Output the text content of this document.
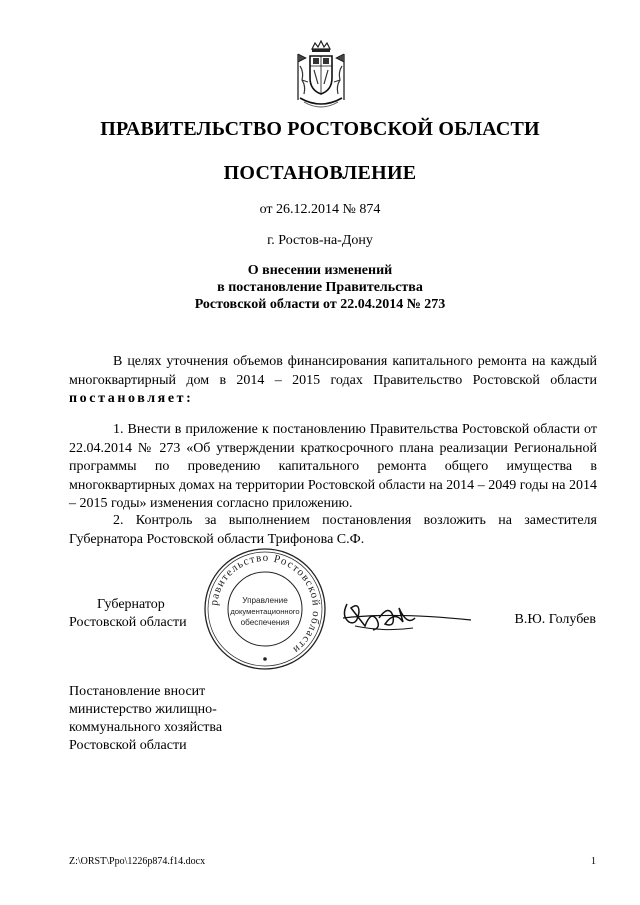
ПРАВИТЕЛЬСТВО РОСТОВСКОЙ ОБЛАСТИ
ПОСТАНОВЛЕНИЕ
от 26.12.2014 № 874
г. Ростов-на-Дону
О внесении изменений
в постановление Правительства
Ростовской области от 22.04.2014 № 273
В целях уточнения объемов финансирования капитального ремонта на каждый многоквартирный дом в 2014 – 2015 годах Правительство Ростовской области постановляет:
1. Внести в приложение к постановлению Правительства Ростовской области от 22.04.2014 № 273 «Об утверждении краткосрочного плана реализации Региональной программы по проведению капитального ремонта общего имущества в многоквартирных домах на территории Ростовской области на 2014 – 2049 годы на 2014 – 2015 годы» изменения согласно приложению.
2. Контроль за выполнением постановления возложить на заместителя Губернатора Ростовской области Трифонова С.Ф.
Губернатор
Ростовской области
равительство Ростовской области
Управление
документационного
обеспечения	В.Ю. Голубев
Постановление вносит
министерство жилищно-
коммунального хозяйства
Ростовской области
Z:\ORST\Ppo\1226p874.f14.docx	1
